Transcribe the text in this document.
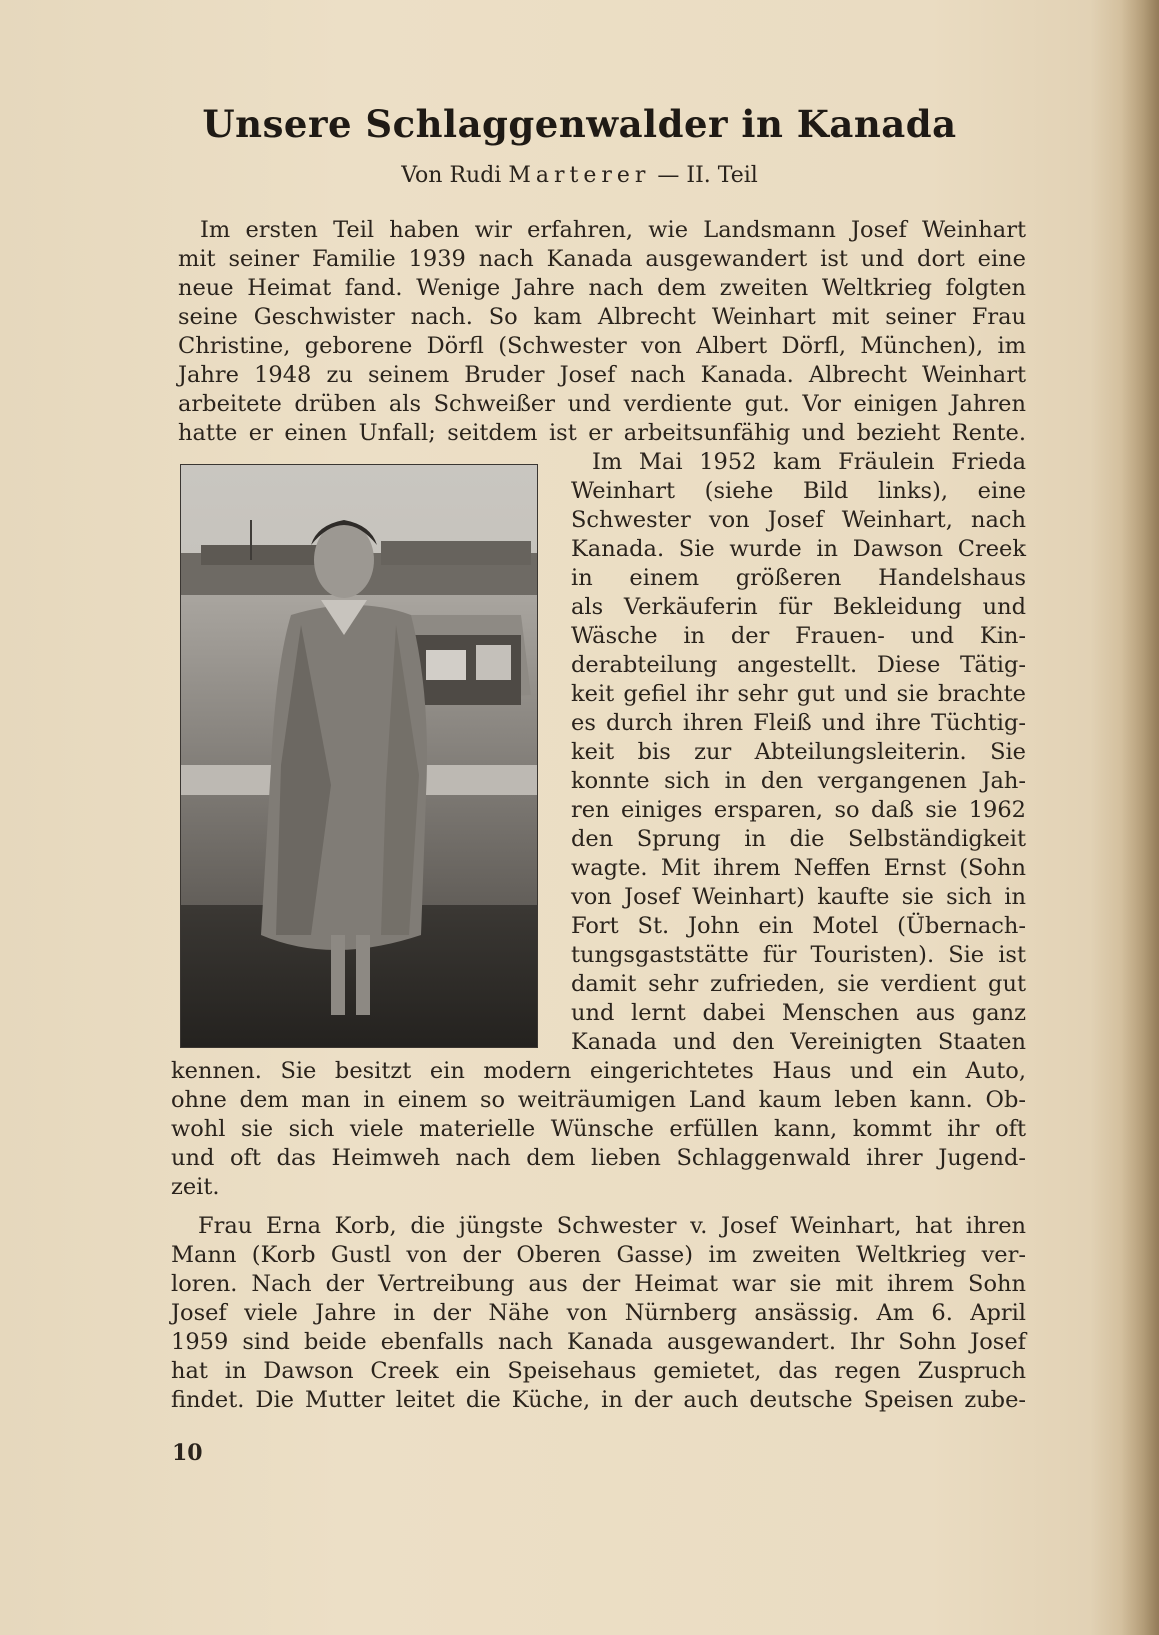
Unsere Schlaggenwalder in Kanada
Von Rudi Marterer — II. Teil
Im ersten Teil haben wir erfahren, wie Landsmann Josef Weinhart
mit seiner Familie 1939 nach Kanada ausgewandert ist und dort eine
neue Heimat fand. Wenige Jahre nach dem zweiten Weltkrieg folgten
seine Geschwister nach. So kam Albrecht Weinhart mit seiner Frau
Christine, geborene Dörfl (Schwester von Albert Dörfl, München), im
Jahre 1948 zu seinem Bruder Josef nach Kanada. Albrecht Weinhart
arbeitete drüben als Schweißer und verdiente gut. Vor einigen Jahren
hatte er einen Unfall; seitdem ist er arbeitsunfähig und bezieht Rente.
Im Mai 1952 kam Fräulein Frieda
Weinhart (siehe Bild links), eine
Schwester von Josef Weinhart, nach
Kanada. Sie wurde in Dawson Creek
in einem größeren Handelshaus
als Verkäuferin für Bekleidung und
Wäsche in der Frauen- und Kin-
derabteilung angestellt. Diese Tätig-
keit gefiel ihr sehr gut und sie brachte
es durch ihren Fleiß und ihre Tüchtig-
keit bis zur Abteilungsleiterin. Sie
konnte sich in den vergangenen Jah-
ren einiges ersparen, so daß sie 1962
den Sprung in die Selbständigkeit
wagte. Mit ihrem Neffen Ernst (Sohn
von Josef Weinhart) kaufte sie sich in
Fort St. John ein Motel (Übernach-
tungsgaststätte für Touristen). Sie ist
damit sehr zufrieden, sie verdient gut
und lernt dabei Menschen aus ganz
Kanada und den Vereinigten Staaten
kennen. Sie besitzt ein modern eingerichtetes Haus und ein Auto,
ohne dem man in einem so weiträumigen Land kaum leben kann. Ob-
wohl sie sich viele materielle Wünsche erfüllen kann, kommt ihr oft
und oft das Heimweh nach dem lieben Schlaggenwald ihrer Jugend-
zeit.
Frau Erna Korb, die jüngste Schwester v. Josef Weinhart, hat ihren
Mann (Korb Gustl von der Oberen Gasse) im zweiten Weltkrieg ver-
loren. Nach der Vertreibung aus der Heimat war sie mit ihrem Sohn
Josef viele Jahre in der Nähe von Nürnberg ansässig. Am 6. April
1959 sind beide ebenfalls nach Kanada ausgewandert. Ihr Sohn Josef
hat in Dawson Creek ein Speisehaus gemietet, das regen Zuspruch
findet. Die Mutter leitet die Küche, in der auch deutsche Speisen zube-
10
